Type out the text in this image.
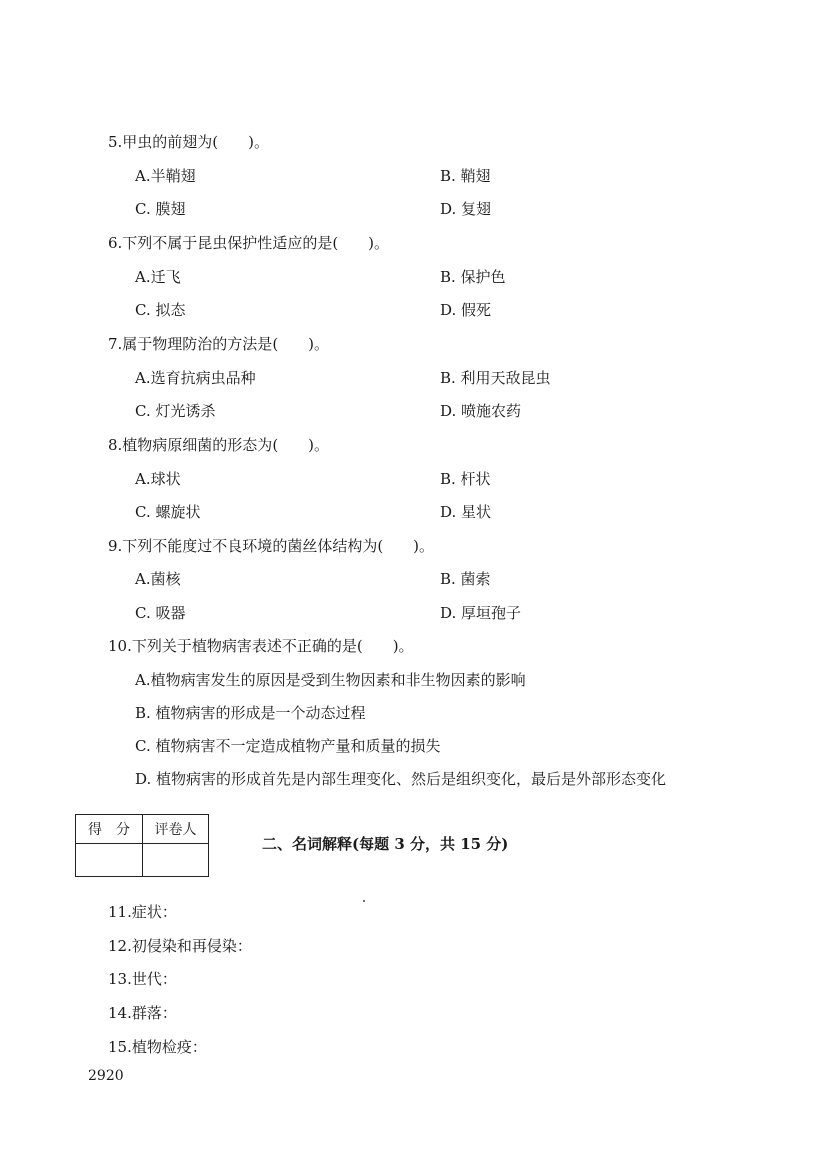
5.甲虫的前翅为(　　)。
A.半鞘翅	B. 鞘翅
C. 膜翅	D. 复翅
6.下列不属于昆虫保护性适应的是(　　)。
A.迁飞	B. 保护色
C. 拟态	D. 假死
7.属于物理防治的方法是(　　)。
A.选育抗病虫品种	B. 利用天敌昆虫
C. 灯光诱杀	D. 喷施农药
8.植物病原细菌的形态为(　　)。
A.球状	B. 杆状
C. 螺旋状	D. 星状
9.下列不能度过不良环境的菌丝体结构为(　　)。
A.菌核	B. 菌索
C. 吸器	D. 厚垣孢子
10.下列关于植物病害表述不正确的是(　　)。
A.植物病害发生的原因是受到生物因素和非生物因素的影响
B. 植物病害的形成是一个动态过程
C. 植物病害不一定造成植物产量和质量的损失
D. 植物病害的形成首先是内部生理变化、然后是组织变化，最后是外部形态变化
得　分	评卷人
二、名词解释(每题 3 分，共 15 分)
11.症状：
12.初侵染和再侵染：
13.世代：
14.群落：
15.植物检疫：
2920
